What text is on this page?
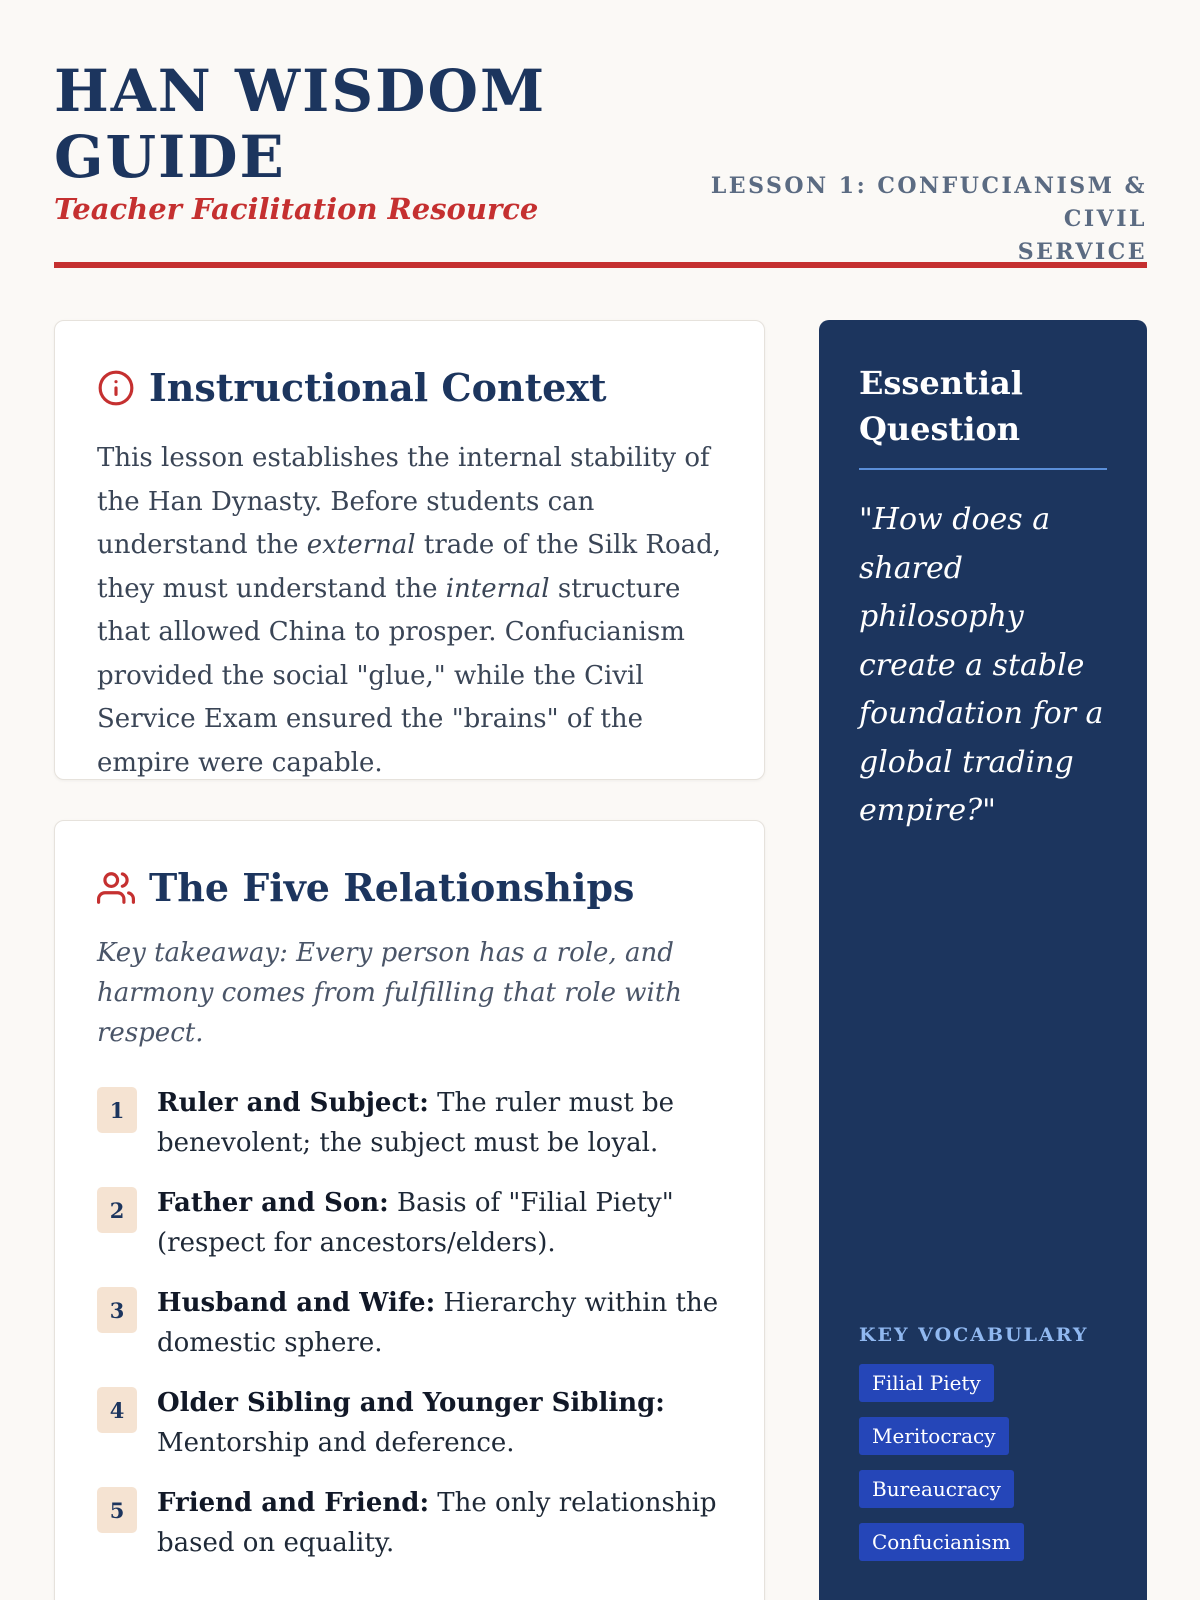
HAN WISDOM
GUIDE
Teacher Facilitation Resource
LESSON 1: CONFUCIANISM & CIVIL
SERVICE
Instructional Context

This lesson establishes the internal stability of the Han Dynasty. Before students can understand the external trade of the Silk Road, they must understand the internal structure that allowed China to prosper. Confucianism provided the social "glue," while the Civil Service Exam ensured the "brains" of the empire were capable.

The Five Relationships

Key takeaway: Every person has a role, and harmony comes from fulfilling that role with respect.

1	Ruler and Subject: The ruler must be benevolent; the subject must be loyal.
2	Father and Son: Basis of "Filial Piety" (respect for ancestors/elders).
3	Husband and Wife: Hierarchy within the domestic sphere.
4	Older Sibling and Younger Sibling: Mentorship and deference.
5	Friend and Friend: The only relationship based on equality.
Essential
Question

"How does a shared philosophy create a stable foundation for a global trading empire?"

KEY VOCABULARY
Filial Piety
Meritocracy
Bureaucracy
Confucianism
